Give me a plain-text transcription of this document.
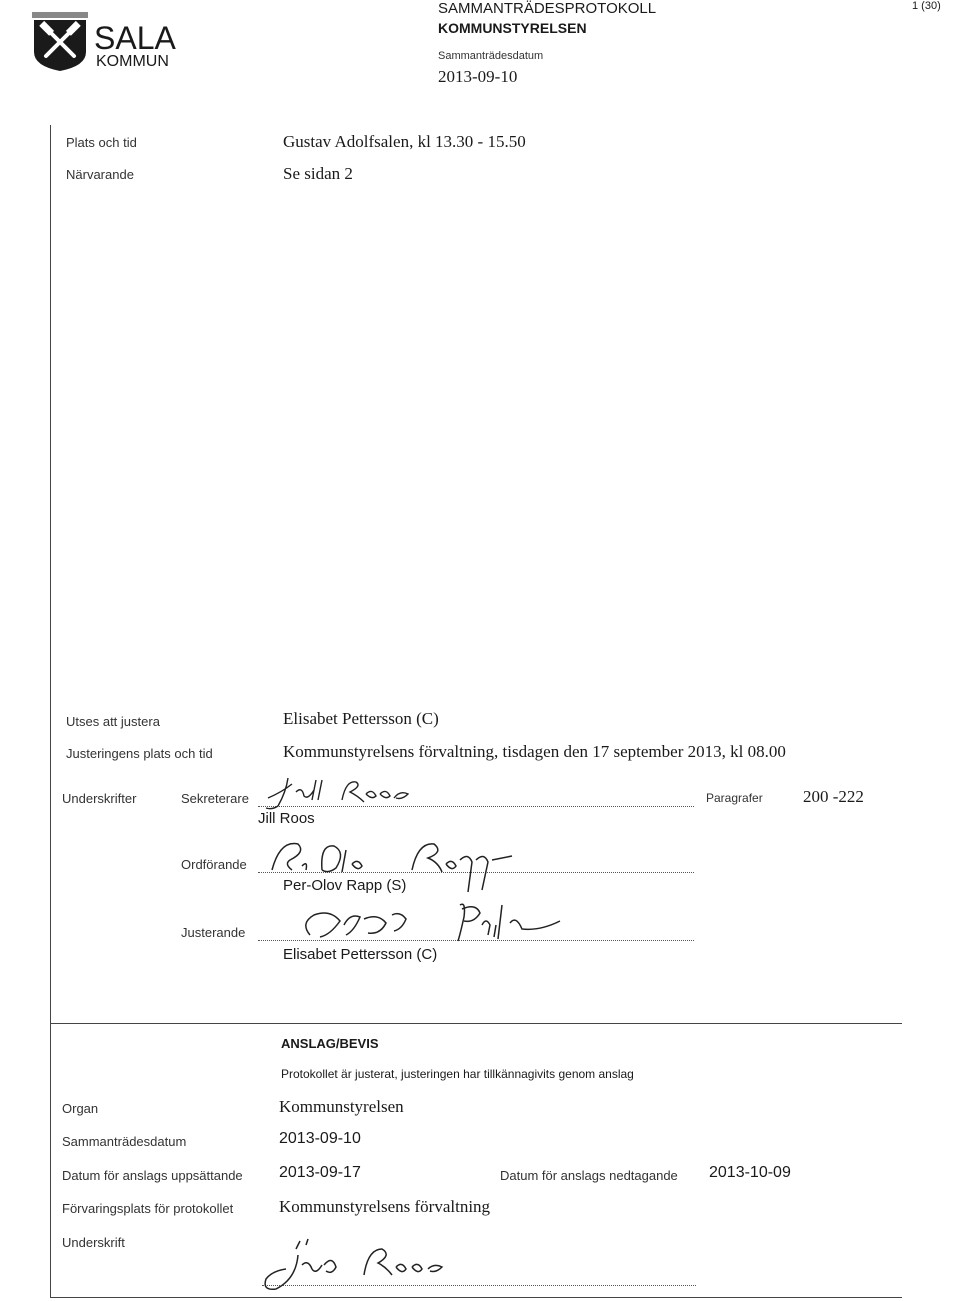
SALA
KOMMUN
SAMMANTRÄDESPROTOKOLL
KOMMUNSTYRELSEN
Sammanträdesdatum
2013-09-10
1 (30)
Plats och tid	Gustav Adolfsalen, kl 13.30 - 15.50
Närvarande	Se sidan 2
Utses att justera	Elisabet Pettersson (C)
Justeringens plats och tid	Kommunstyrelsens förvaltning, tisdagen den 17 september 2013, kl 08.00
Underskrifter	Sekreterare
Jill Roos
Paragrafer 200 -222
Ordförande
Per-Olov Rapp (S)
Justerande
Elisabet Pettersson (C)
ANSLAG/BEVIS
Protokollet är justerat, justeringen har tillkännagivits genom anslag
Organ	Kommunstyrelsen
Sammanträdesdatum	2013-09-10
Datum för anslags uppsättande 2013-09-17	Datum för anslags nedtagande 2013-10-09
Förvaringsplats för protokollet	Kommunstyrelsens förvaltning
Underskrift
